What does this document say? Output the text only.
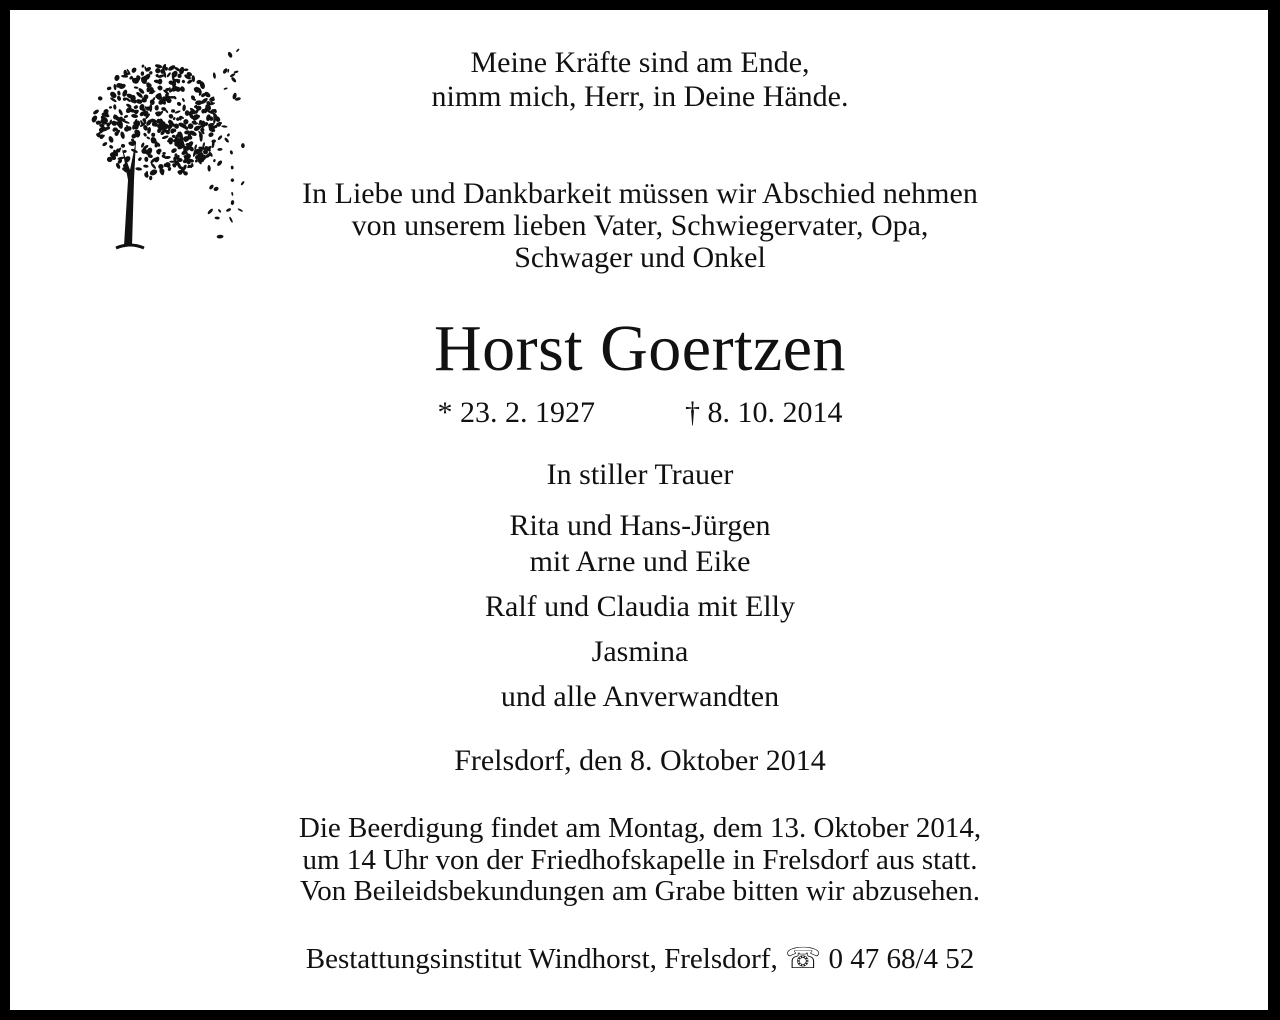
Meine Kräfte sind am Ende,
nimm mich, Herr, in Deine Hände.
In Liebe und Dankbarkeit müssen wir Abschied nehmen
von unserem lieben Vater, Schwiegervater, Opa,
Schwager und Onkel
Horst Goertzen
* 23. 2. 1927	† 8. 10. 2014
In stiller Trauer
Rita und Hans-Jürgen
mit Arne und Eike
Ralf und Claudia mit Elly
Jasmina
und alle Anverwandten
Frelsdorf, den 8. Oktober 2014
Die Beerdigung findet am Montag, dem 13. Oktober 2014,
um 14 Uhr von der Friedhofskapelle in Frelsdorf aus statt.
Von Beileidsbekundungen am Grabe bitten wir abzusehen.
Bestattungsinstitut Windhorst, Frelsdorf, ☏ 0 47 68/4 52
